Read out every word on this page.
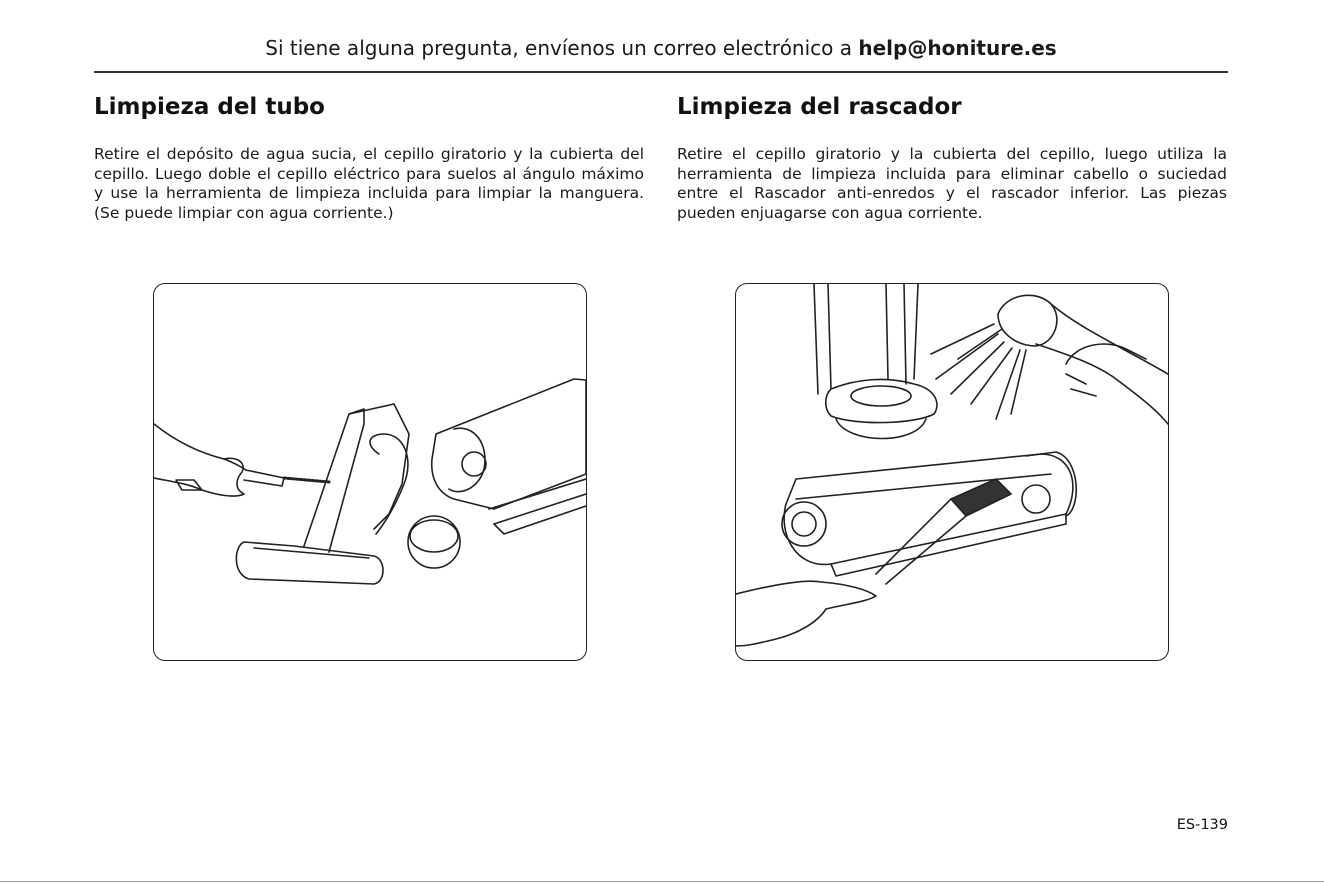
Si tiene alguna pregunta, envíenos un correo electrónico a help@honiture.es
Limpieza del tubo
Retire el depósito de agua sucia, el cepillo giratorio y la cubierta del cepillo. Luego doble el cepillo eléctrico para suelos al ángulo máximo y use la herramienta de limpieza incluida para limpiar la manguera. (Se puede limpiar con agua corriente.)
Limpieza del rascador
Retire el cepillo giratorio y la cubierta del cepillo, luego utiliza la herramienta de limpieza incluida para eliminar cabello o suciedad entre el Rascador anti-enredos y el rascador inferior. Las piezas pueden enjuagarse con agua corriente.
ES-139
